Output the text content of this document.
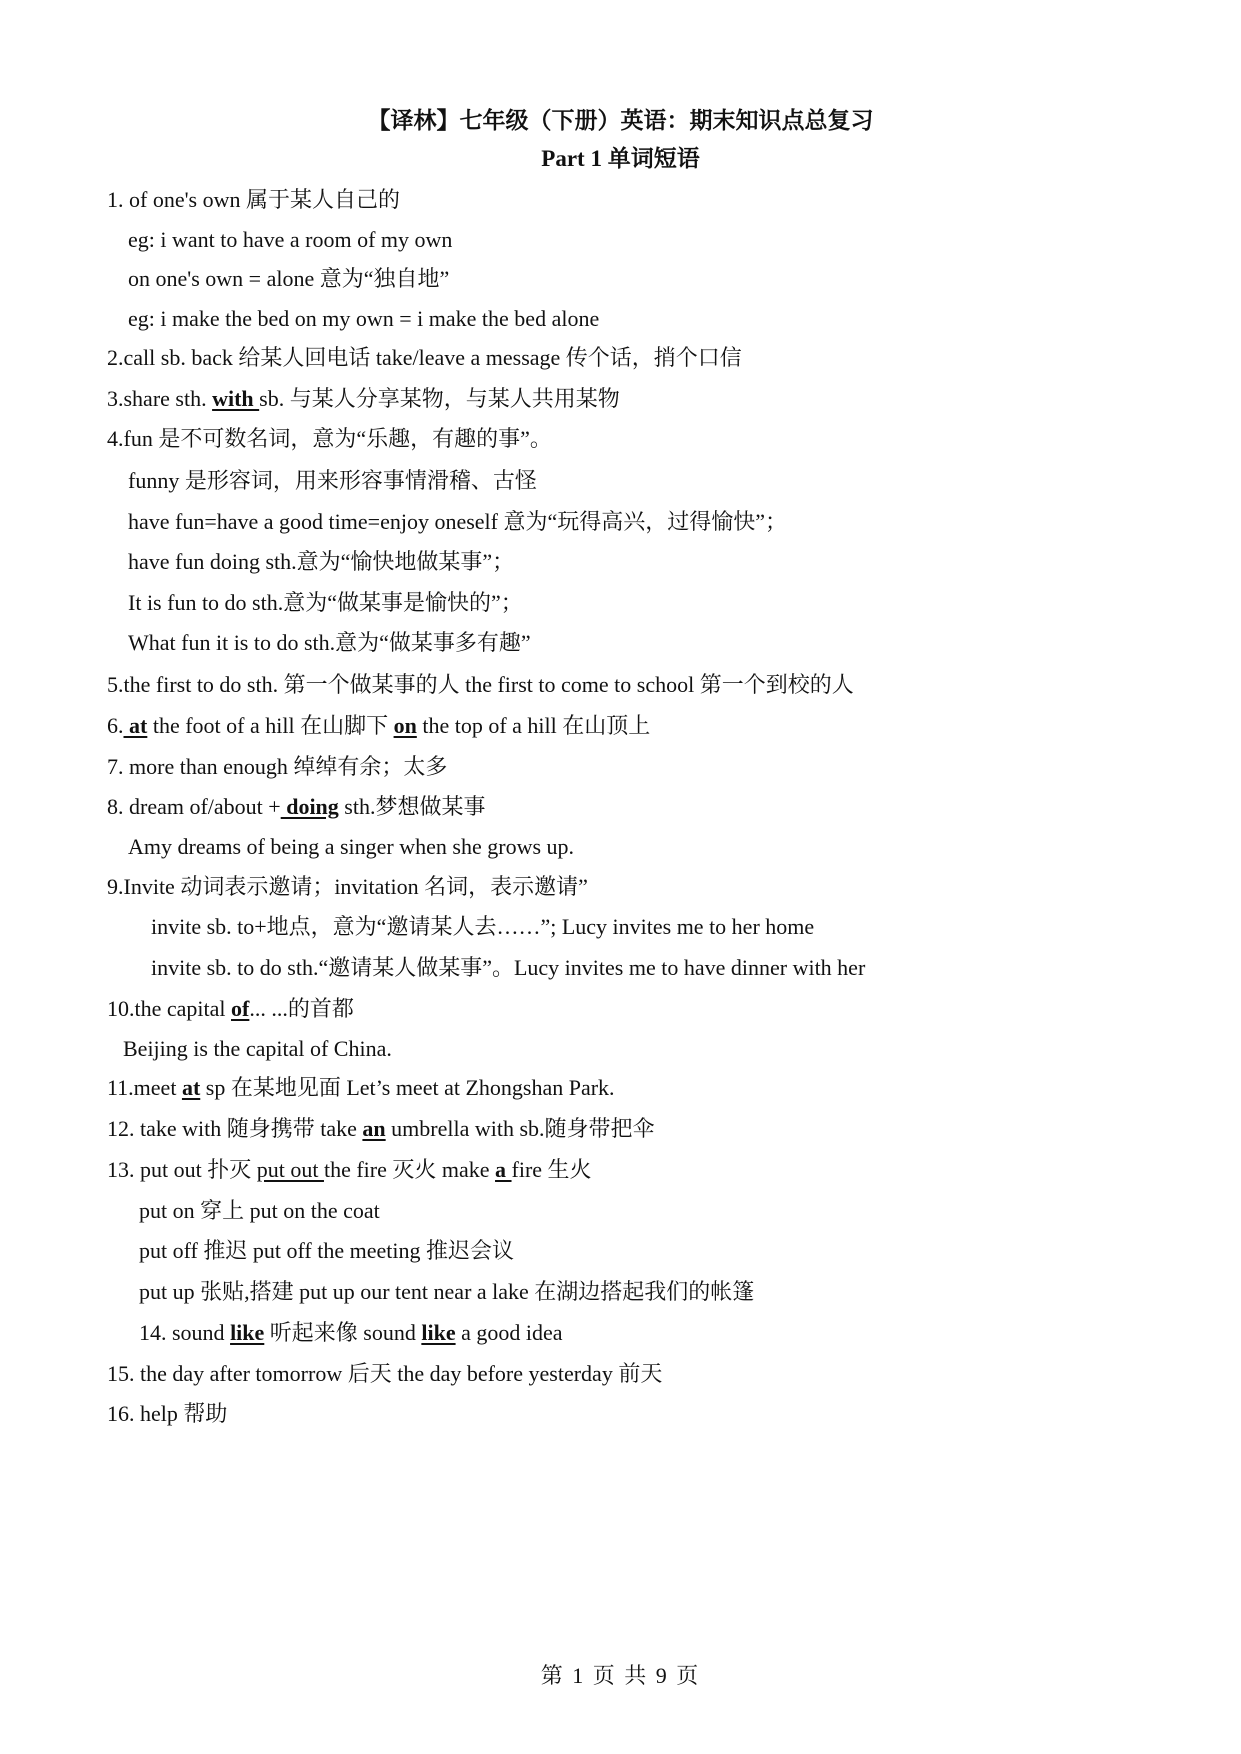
【译林】七年级（下册）英语：期末知识点总复习
Part 1 单词短语
1. of one's own 属于某人自己的
eg: i want to have a room of my own
on one's own = alone 意为“独自地”
eg: i make the bed on my own = i make the bed alone
2.call sb. back 给某人回电话 take/leave a message 传个话，捎个口信
3.share sth. with sb. 与某人分享某物，与某人共用某物
4.fun 是不可数名词，意为“乐趣，有趣的事”。
funny 是形容词，用来形容事情滑稽、古怪
have fun=have a good time=enjoy oneself 意为“玩得高兴，过得愉快”；
have fun doing sth.意为“愉快地做某事”；
It is fun to do sth.意为“做某事是愉快的”；
What fun it is to do sth.意为“做某事多有趣”
5.the first to do sth. 第一个做某事的人 the first to come to school 第一个到校的人
6. at the foot of a hill 在山脚下 on the top of a hill 在山顶上
7. more than enough 绰绰有余；太多
8. dream of/about + doing sth.梦想做某事
Amy dreams of being a singer when she grows up.
9.Invite 动词表示邀请；invitation 名词，表示邀请”
invite sb. to+地点，意为“邀请某人去……”; Lucy invites me to her home
invite sb. to do sth.“邀请某人做某事”。Lucy invites me to have dinner with her
10.the capital of... ...的首都
Beijing is the capital of China.
11.meet at sp 在某地见面 Let’s meet at Zhongshan Park.
12. take with 随身携带 take an umbrella with sb.随身带把伞
13. put out 扑灭 put out the fire 灭火 make a fire 生火
put on 穿上 put on the coat
put off 推迟 put off the meeting 推迟会议
put up 张贴,搭建 put up our tent near a lake 在湖边搭起我们的帐篷
14. sound like 听起来像 sound like a good idea
15. the day after tomorrow 后天 the day before yesterday 前天
16. help 帮助
第 1 页 共 9 页
